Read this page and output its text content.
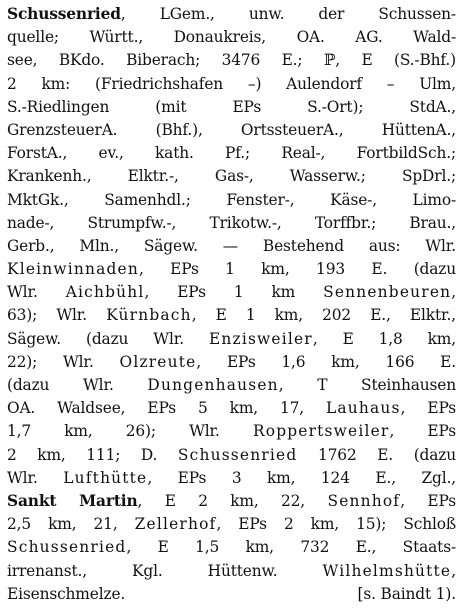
Schussenried, LGem., unw. der Schussen-
quelle; Württ., Donaukreis, OA. AG. Wald-
see, BKdo. Biberach; 3476 E.; ℙ, E (S.-Bhf.)
2 km: (Friedrichshafen –) Aulendorf – Ulm,
S.-Riedlingen (mit EPs S.-Ort); StdA.,
GrenzsteuerA. (Bhf.), OrtssteuerA., HüttenA.,
ForstA., ev., kath. Pf.; Real-, FortbildSch.;
Krankenh., Elktr.-, Gas-, Wasserw.; SpDrl.;
MktGk., Samenhdl.; Fenster-, Käse-, Limo-
nade-, Strumpfw.-, Trikotw.-, Torffbr.; Brau.,
Gerb., Mln., Sägew. — Bestehend aus: Wlr.
Kleinwinnaden, EPs 1 km, 193 E. (dazu
Wlr. Aichbühl, EPs 1 km Sennenbeuren,
63); Wlr. Kürnbach, E 1 km, 202 E., Elktr.,
Sägew. (dazu Wlr. Enzisweiler, E 1,8 km,
22); Wlr. Olzreute, EPs 1,6 km, 166 E.
(dazu Wlr. Dungenhausen, T Steinhausen
OA. Waldsee, EPs 5 km, 17, Lauhaus, EPs
1,7 km, 26); Wlr. Roppertsweiler, EPs
2 km, 111; D. Schussenried 1762 E. (dazu
Wlr. Lufthütte, EPs 3 km, 124 E., Zgl.,
Sankt Martin, E 2 km, 22, Sennhof, EPs
2,5 km, 21, Zellerhof, EPs 2 km, 15); Schloß
Schussenried, E 1,5 km, 732 E., Staats-
irrenanst., Kgl. Hüttenw. Wilhelmshütte,
Eisenschmelze.	[s. Baindt 1).
